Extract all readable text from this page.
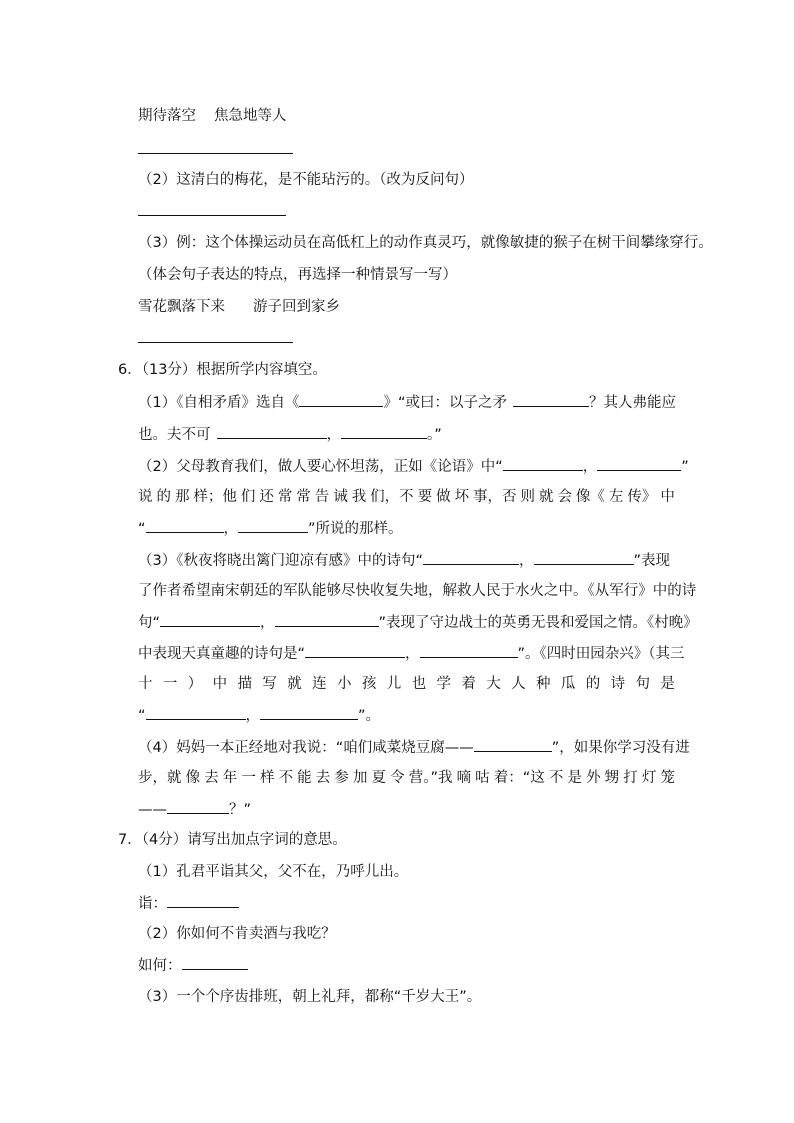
期待落空 焦急地等人
（2）这清白的梅花，是不能玷污的。（改为反问句）
（3）例：这个体操运动员在高低杠上的动作真灵巧，就像敏捷的猴子在树干间攀缘穿行。
（体会句子表达的特点，再选择一种情景写一写）
雪花飘落下来 游子回到家乡
6．（13分）根据所学内容填空。
（1）《自相矛盾》选自《	》“或曰：以子之矛	？其人弗能应
也。夫不可	，	。”
（2）父母教育我们，做人要心怀坦荡，正如《论语》中“	，	”
说 的 那 样；他 们 还 常 常 告 诫 我 们，不 要 做 坏 事，否 则 就 会 像《 左 传》 中
“	，	”所说的那样。
（3）《秋夜将晓出篱门迎凉有感》中的诗句“	，	”表现
了作者希望南宋朝廷的军队能够尽快收复失地，解救人民于水火之中。《从军行》中的诗
句“	，	”表现了守边战士的英勇无畏和爱国之情。《村晚》
中表现天真童趣的诗句是“	，	”。《四时田园杂兴》（其三
十 一 ） 中 描 写 就 连 小 孩 儿 也 学 着 大 人 种 瓜 的 诗 句 是
“	，	”。
（4）妈妈一本正经地对我说：“咱们咸菜烧豆腐——	”，如果你学习没有进
步，就 像 去 年 一 样 不 能 去 参 加 夏 令 营。”我 嘀 咕 着：“这 不 是 外 甥 打 灯 笼
——	？”
7．（4分）请写出加点字词的意思。
（1）孔君平诣其父，父不在，乃呼儿出。
诣：
（2）你如何不肯卖酒与我吃？
如何：
（3）一个个序齿排班，朝上礼拜，都称“千岁大王”。
